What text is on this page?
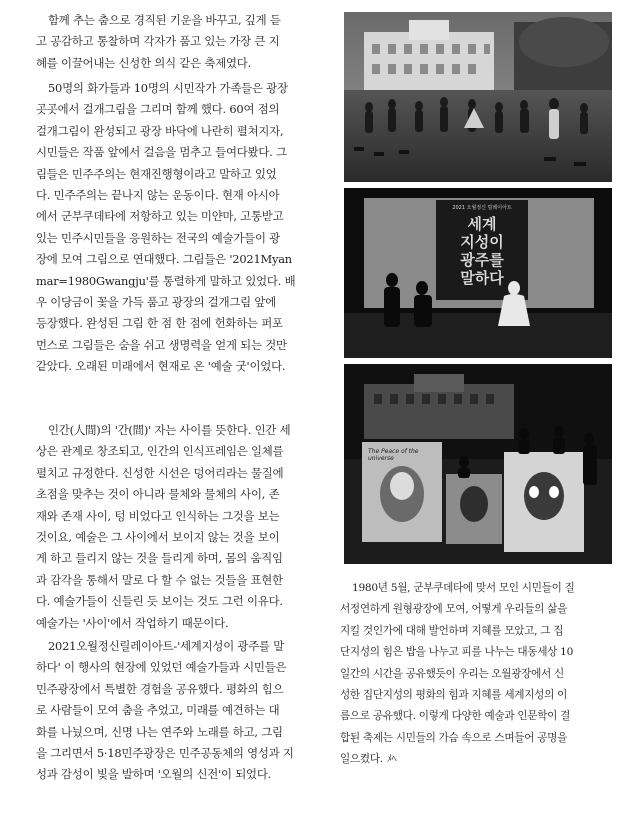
함께 추는 춤으로 경직된 기운을 바꾸고, 깊게 듣
고 공감하고 통찰하며 각자가 품고 있는 가장 큰 지
혜를 이끌어내는 신성한 의식 같은 축제였다.
50명의 화가들과 10명의 시민작가 가족들은 광장
곳곳에서 걸개그림을 그리며 함께 했다. 60여 점의
걸개그림이 완성되고 광장 바닥에 나란히 펼쳐지자,
시민들은 작품 앞에서 걸음을 멈추고 들여다봤다. 그
림들은 민주주의는 현재진행형이라고 말하고 있었
다. 민주주의는 끝나지 않는 운동이다. 현재 아시아
에서 군부쿠데타에 저항하고 있는 미얀마, 고통받고
있는 민주시민들을 응원하는 전국의 예술가들이 광
장에 모여 그림으로 연대했다. 그림들은 '2021Myan
mar=1980Gwangju'를 통렬하게 말하고 있었다. 배
우 이당금이 꽃을 가득 품고 광장의 걸개그림 앞에
등장했다. 완성된 그림 한 점 한 점에 헌화하는 퍼포
먼스로 그림들은 숨을 쉬고 생명력을 얻게 되는 것만
같았다. 오래된 미래에서 현재로 온 '예술 굿'이었다.
인간(人間)의 '간(間)' 자는 사이를 뜻한다. 인간 세
상은 관계로 창조되고, 인간의 인식프레임은 일체를
펼치고 규정한다. 신성한 시선은 덩어리라는 물질에
초점을 맞추는 것이 아니라 물체와 물체의 사이, 존
재와 존재 사이, 텅 비었다고 인식하는 그것을 보는
것이요, 예술은 그 사이에서 보이지 않는 것을 보이
게 하고 들리지 않는 것을 들리게 하며, 몸의 움직임
과 감각을 통해서 말로 다 할 수 없는 것들을 표현한
다. 예술가들이 신들린 듯 보이는 것도 그런 이유다.
예술가는 '사이'에서 작업하기 때문이다.
2021오월정신릴레이아트-'세계지성이 광주를 말
하다' 이 행사의 현장에 있었던 예술가들과 시민들은
민주광장에서 특별한 경험을 공유했다. 평화의 힘으
로 사람들이 모여 춤을 추었고, 미래를 예견하는 대
화를 나눴으며, 신명 나는 연주와 노래를 하고, 그림
을 그리면서 5·18민주광장은 민주공동체의 영성과 지
성과 감성이 빛을 발하며 '오월의 신전'이 되었다.
1980년 5월, 군부쿠데타에 맞서 모인 시민들이 질
서정연하게 원형광장에 모여, 어떻게 우리들의 삶을
지킬 것인가에 대해 발언하며 지혜를 모았고, 그 집
단지성의 힘은 밥을 나누고 피를 나누는 대동세상 10
일간의 시간을 공유했듯이 우리는 오월광장에서 신
성한 집단지성의 평화의 힘과 지혜를 세계지성의 이
름으로 공유했다. 이렇게 다양한 예술과 인문학이 결
합된 축제는 시민들의 가슴 속으로 스며들어 공명을
일으켰다. ﾒﾍ
2021 오월정신 릴레이아트
세계
지성이
광주를
말하다
The Peace of the universe
